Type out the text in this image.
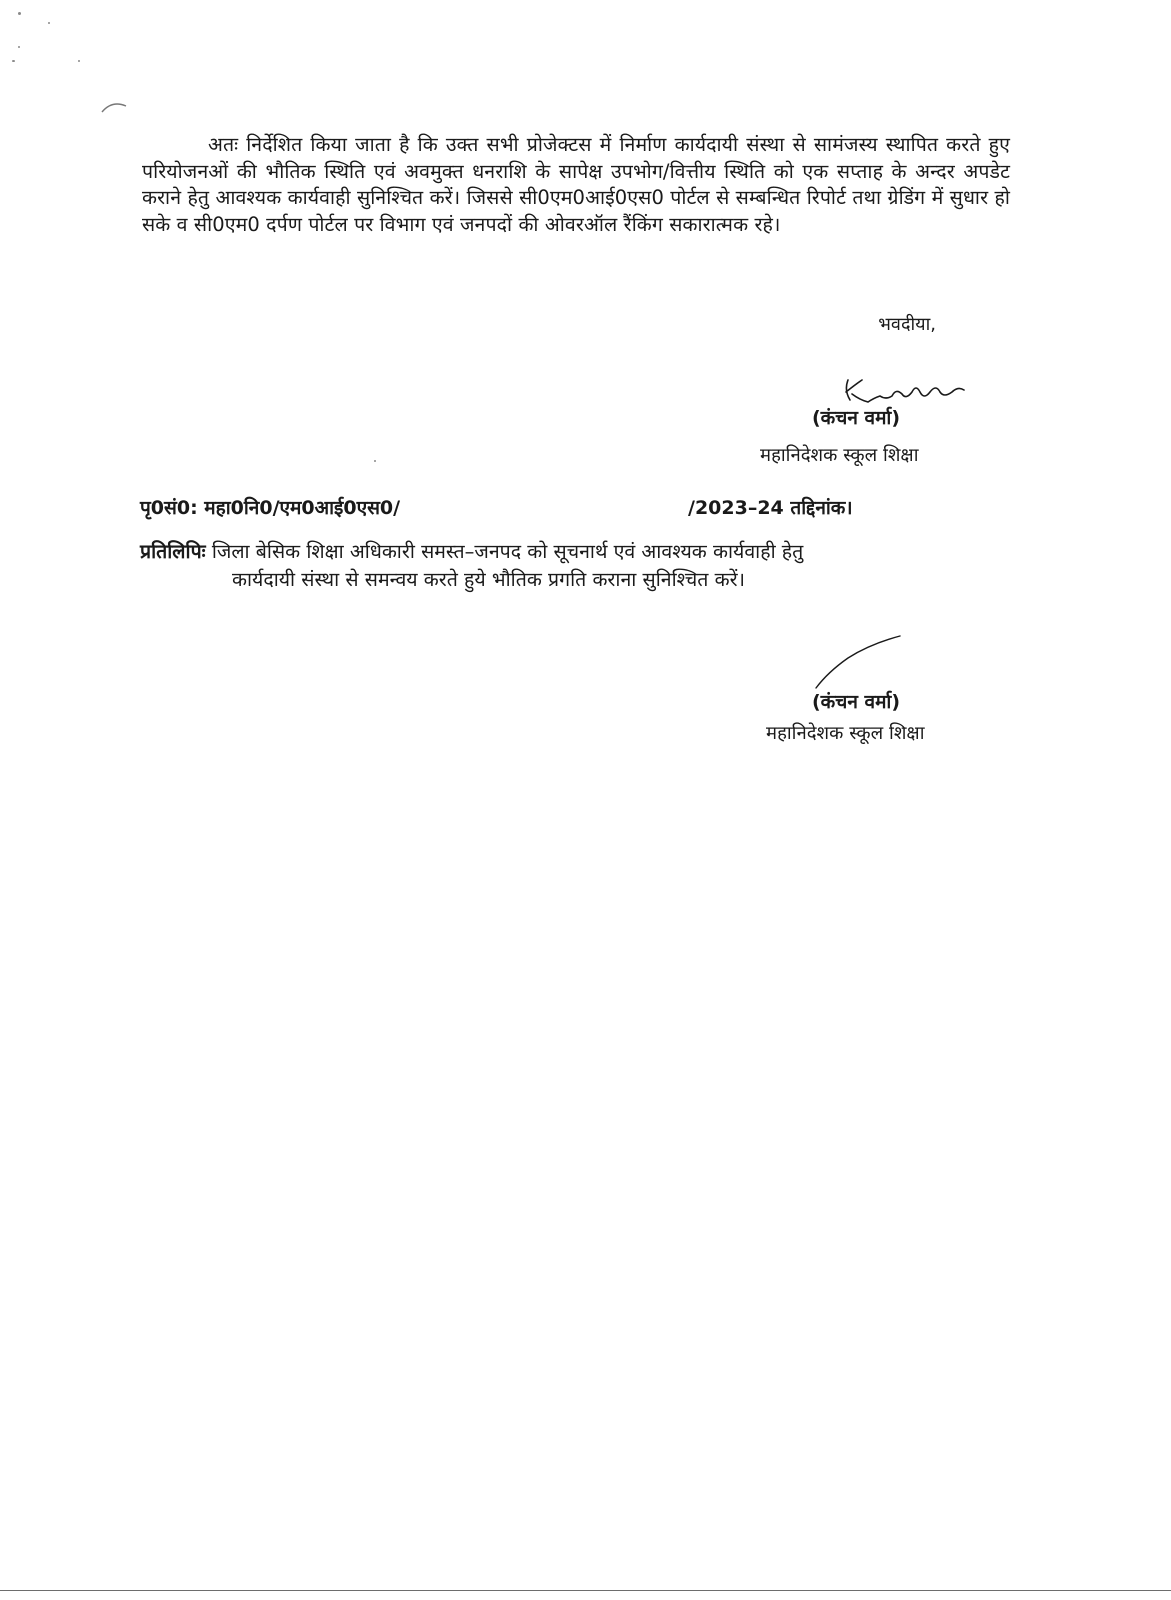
अतः निर्देशित किया जाता है कि उक्त सभी प्रोजेक्टस में निर्माण कार्यदायी संस्था से सामंजस्य स्थापित करते हुए परियोजनओं की भौतिक स्थिति एवं अवमुक्त धनराशि के सापेक्ष उपभोग/वित्तीय स्थिति को एक सप्ताह के अन्दर अपडेट कराने हेतु आवश्यक कार्यवाही सुनिश्चित करें। जिससे सी0एम0आई0एस0 पोर्टल से सम्बन्धित रिपोर्ट तथा ग्रेडिंग में सुधार हो सके व सी0एम0 दर्पण पोर्टल पर विभाग एवं जनपदों की ओवरऑल रैंकिंग सकारात्मक रहे।

भवदीया,
(कंचन वर्मा)
महानिदेशक स्कूल शिक्षा
पृ0सं0: महा0नि0/एम0आई0एस0/	/2023–24 तद्दिनांक।
प्रतिलिपिः जिला बेसिक शिक्षा अधिकारी समस्त–जनपद को सूचनार्थ एवं आवश्यक कार्यवाही हेतु
कार्यदायी संस्था से समन्वय करते हुये भौतिक प्रगति कराना सुनिश्चित करें।
(कंचन वर्मा)
महानिदेशक स्कूल शिक्षा
